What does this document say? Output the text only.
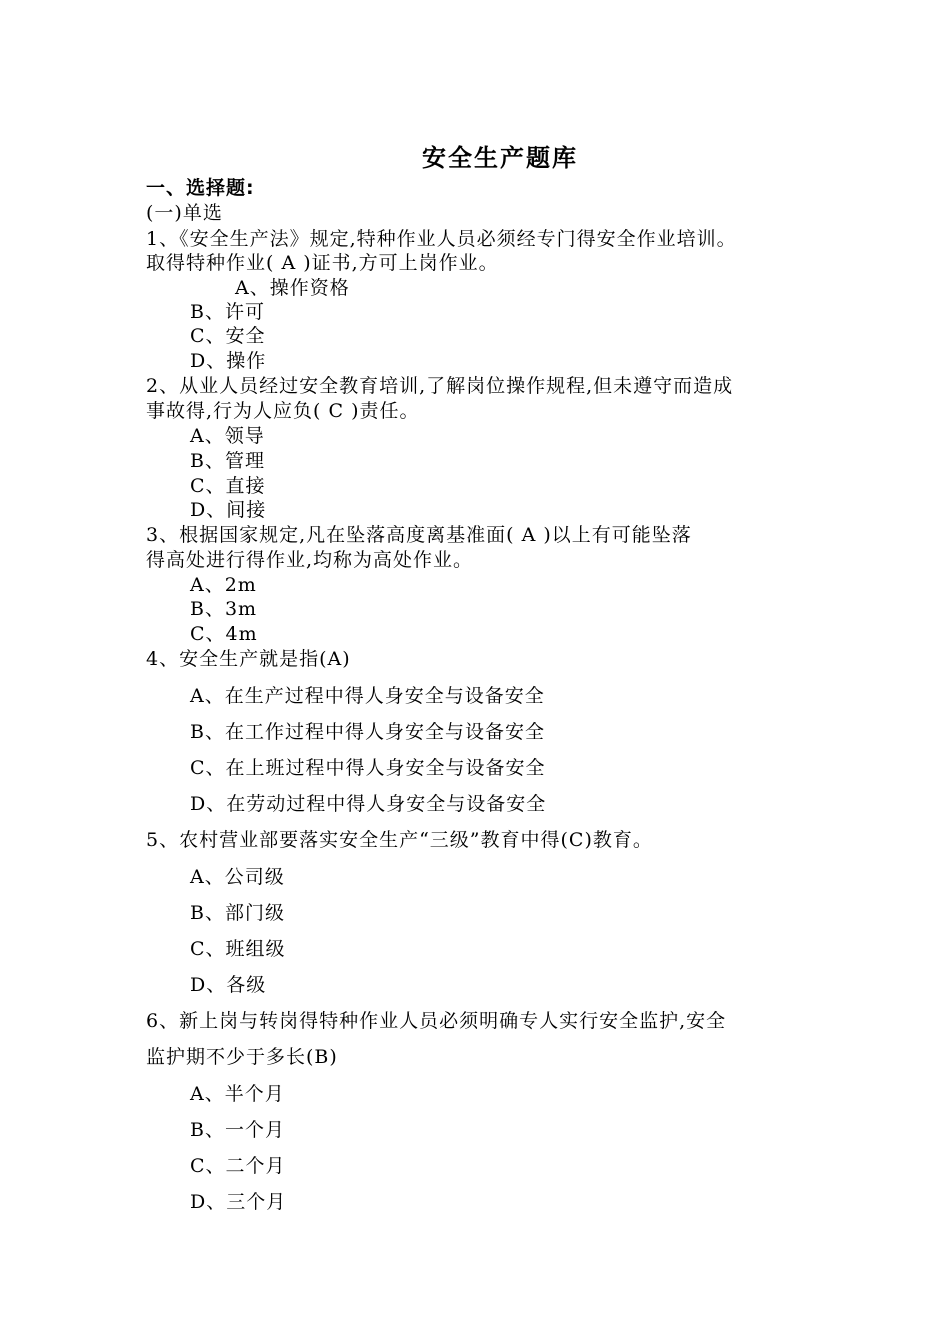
安全生产题库
一、选择题:
(一)单选
1、《安全生产法》规定,特种作业人员必须经专门得安全作业培训。
取得特种作业( A )证书,方可上岗作业。
A、操作资格
B、许可
C、安全
D、操作
2、从业人员经过安全教育培训,了解岗位操作规程,但未遵守而造成
事故得,行为人应负( C )责任。
A、领导
B、管理
C、直接
D、间接
3、根据国家规定,凡在坠落高度离基准面( A )以上有可能坠落
得高处进行得作业,均称为高处作业。
A、2m
B、3m
C、4m
4、安全生产就是指(A)
A、在生产过程中得人身安全与设备安全
B、在工作过程中得人身安全与设备安全
C、在上班过程中得人身安全与设备安全
D、在劳动过程中得人身安全与设备安全
5、农村营业部要落实安全生产“三级”教育中得(C)教育。
A、公司级
B、部门级
C、班组级
D、各级
6、新上岗与转岗得特种作业人员必须明确专人实行安全监护,安全
监护期不少于多长(B)
A、半个月
B、一个月
C、二个月
D、三个月
